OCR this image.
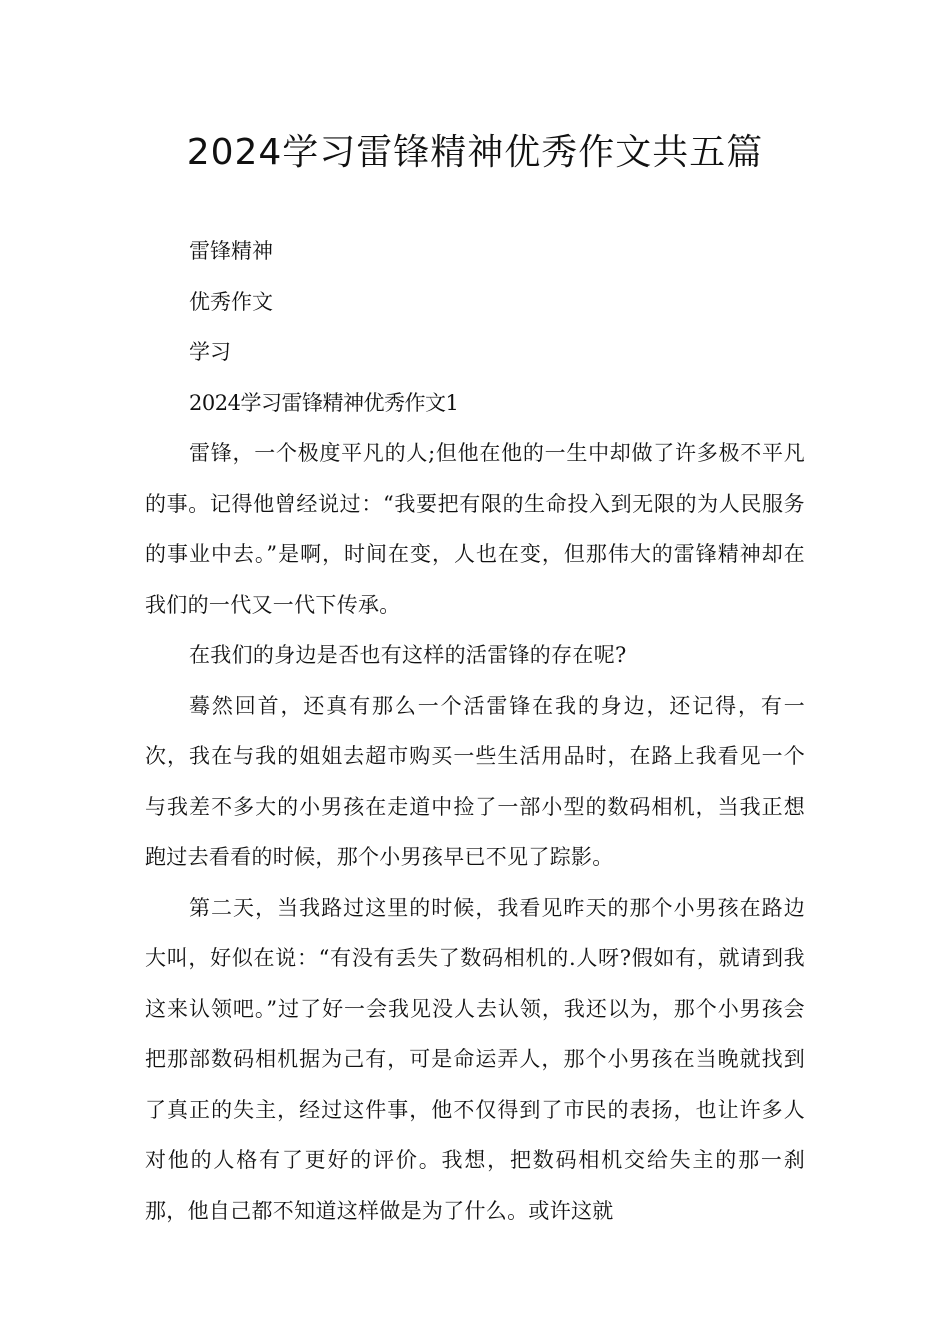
2024学习雷锋精神优秀作文共五篇

雷锋精神

优秀作文

学习

2024学习雷锋精神优秀作文1

雷锋，一个极度平凡的人;但他在他的一生中却做了许多极不平凡的事。记得他曾经说过：“我要把有限的生命投入到无限的为人民服务的事业中去。”是啊，时间在变，人也在变，但那伟大的雷锋精神却在我们的一代又一代下传承。

在我们的身边是否也有这样的活雷锋的存在呢?

蓦然回首，还真有那么一个活雷锋在我的身边，还记得，有一次，我在与我的姐姐去超市购买一些生活用品时，在路上我看见一个与我差不多大的小男孩在走道中捡了一部小型的数码相机，当我正想跑过去看看的时候，那个小男孩早已不见了踪影。

第二天，当我路过这里的时候，我看见昨天的那个小男孩在路边大叫，好似在说：“有没有丢失了数码相机的.人呀?假如有，就请到我这来认领吧。”过了好一会我见没人去认领，我还以为，那个小男孩会把那部数码相机据为己有，可是命运弄人，那个小男孩在当晚就找到了真正的失主，经过这件事，他不仅得到了市民的表扬，也让许多人对他的人格有了更好的评价。我想，把数码相机交给失主的那一刹那，他自己都不知道这样做是为了什么。或许这就
